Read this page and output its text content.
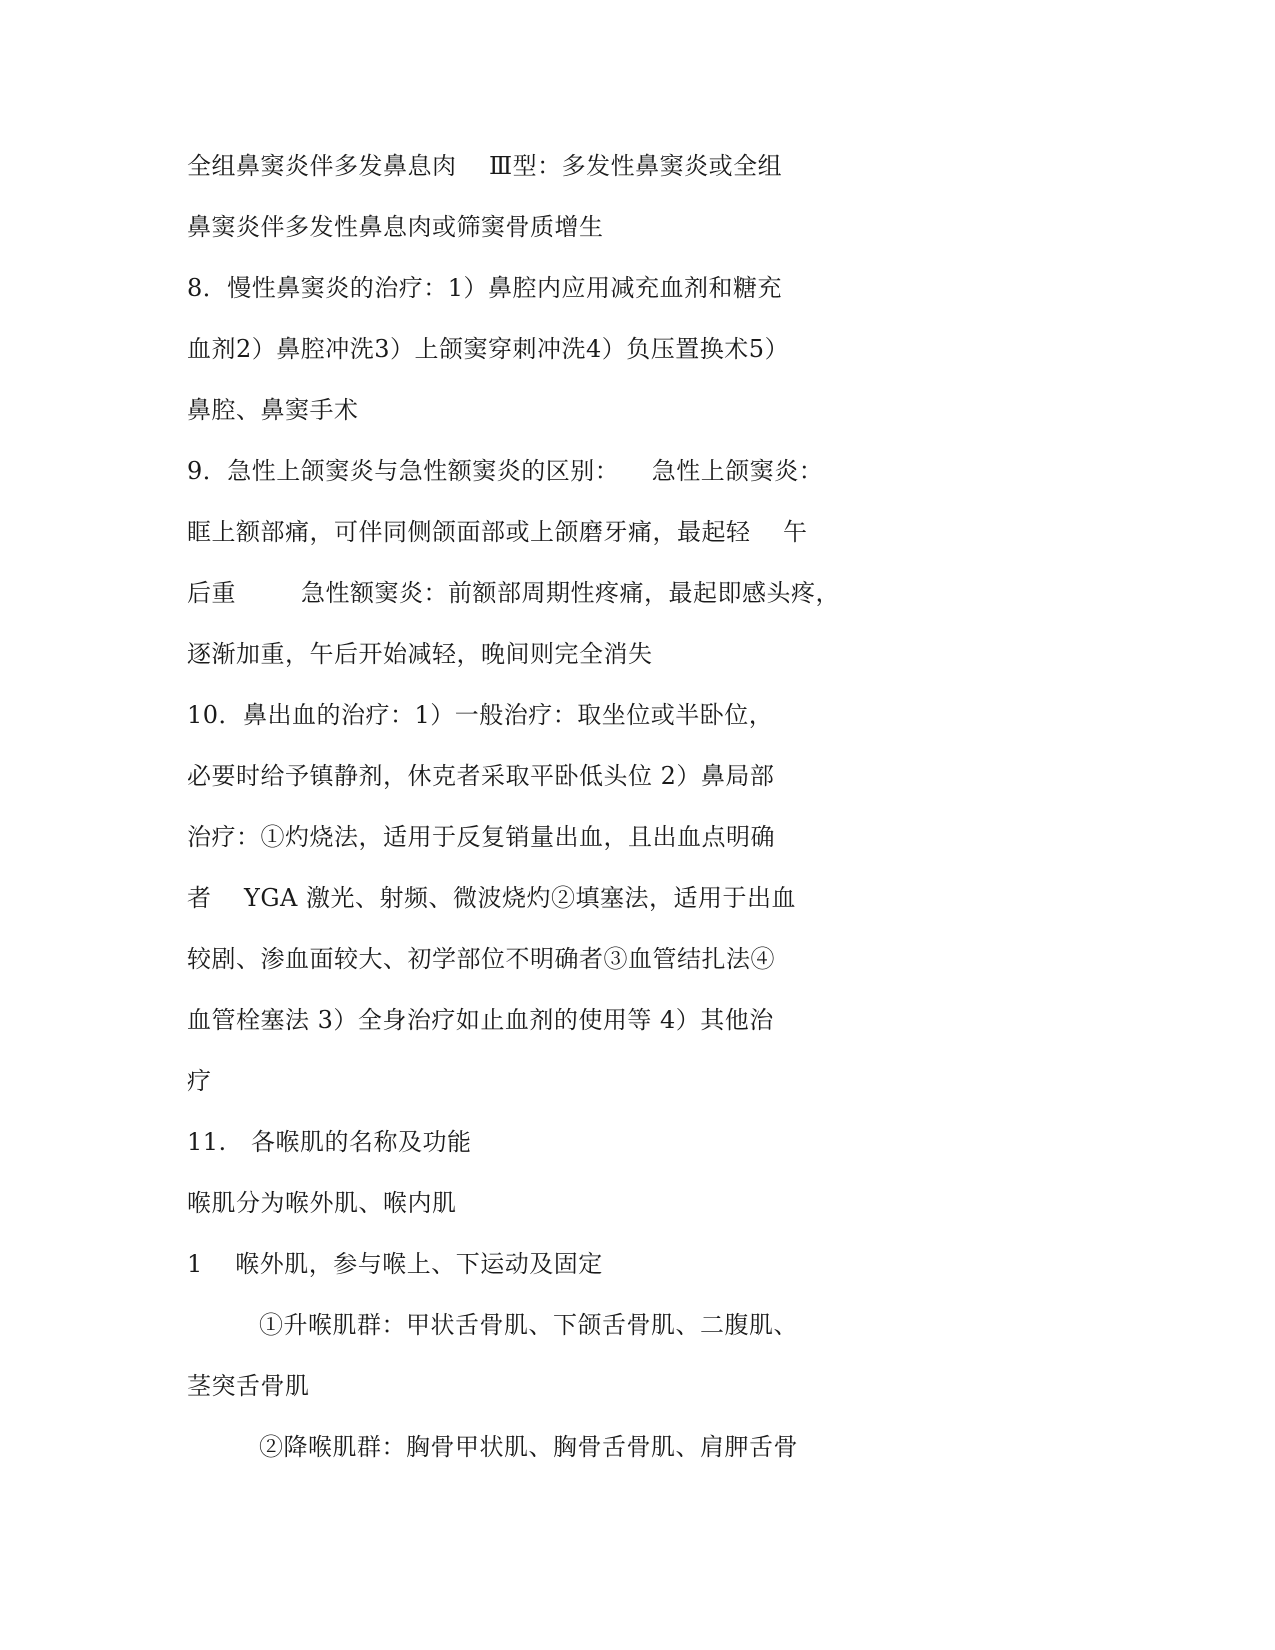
全组鼻窦炎伴多发鼻息肉    Ⅲ型：多发性鼻窦炎或全组
鼻窦炎伴多发性鼻息肉或筛窦骨质增生
8．慢性鼻窦炎的治疗：1）鼻腔内应用减充血剂和糖充
血剂2）鼻腔冲洗3）上颌窦穿刺冲洗4）负压置换术5）
鼻腔、鼻窦手术
9．急性上颌窦炎与急性额窦炎的区别：    急性上颌窦炎：
眶上额部痛，可伴同侧颌面部或上颌磨牙痛，最起轻    午
后重        急性额窦炎：前额部周期性疼痛，最起即感头疼，
逐渐加重，午后开始减轻，晚间则完全消失
10．鼻出血的治疗：1）一般治疗：取坐位或半卧位，
必要时给予镇静剂，休克者采取平卧低头位 2）鼻局部
治疗：①灼烧法，适用于反复销量出血，且出血点明确
者    YGA 激光、射频、微波烧灼②填塞法，适用于出血
较剧、渗血面较大、初学部位不明确者③血管结扎法④
血管栓塞法 3）全身治疗如止血剂的使用等 4）其他治
疗
11.   各喉肌的名称及功能
喉肌分为喉外肌、喉内肌
1    喉外肌，参与喉上、下运动及固定
①升喉肌群：甲状舌骨肌、下颌舌骨肌、二腹肌、
茎突舌骨肌
②降喉肌群：胸骨甲状肌、胸骨舌骨肌、肩胛舌骨
